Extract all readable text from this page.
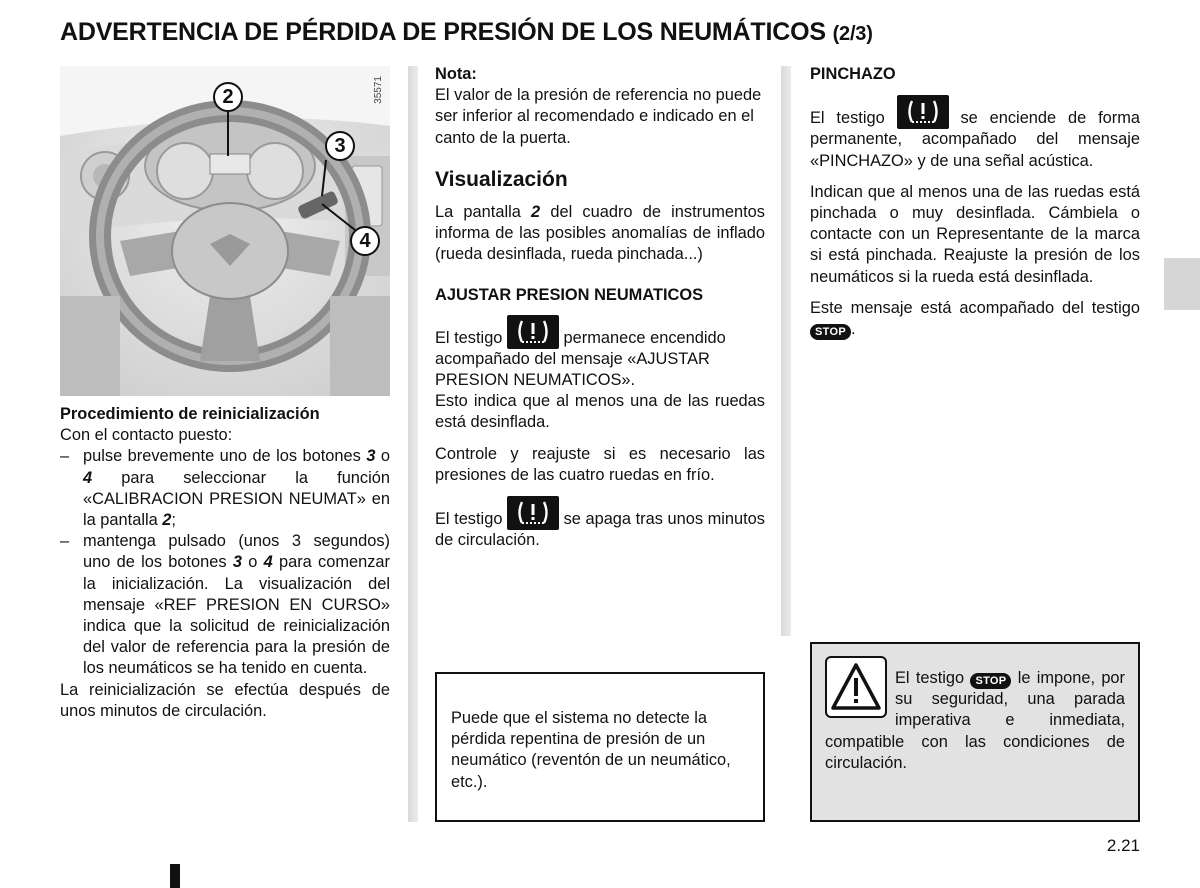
ADVERTENCIA DE PÉRDIDA DE PRESIÓN DE LOS NEUMÁTICOS (2/3)
2
3
4
35571

Procedimiento de reinicialización

Con el contacto puesto:

– pulse brevemente uno de los botones 3 o 4 para seleccionar la función «CALIBRACION PRESION NEUMAT» en la pantalla 2;
– mantenga pulsado (unos 3 segundos) uno de los botones 3 o 4 para comenzar la inicialización. La visualización del mensaje «REF PRESION EN CURSO» indica que la solicitud de reinicialización del valor de referencia para la presión de los neumáticos se ha tenido en cuenta.

La reinicialización se efectúa después de unos minutos de circulación.

Nota:

El valor de la presión de referencia no puede ser inferior al recomendado e indicado en el canto de la puerta.

Visualización

La pantalla 2 del cuadro de instrumentos informa de las posibles anomalías de inflado (rueda desinflada, rueda pinchada...)

AJUSTAR PRESION NEUMATICOS

El testigo	permanece encendido acompañado del mensaje «AJUSTAR PRESION NEUMATICOS».

Esto indica que al menos una de las ruedas está desinflada.

Controle y reajuste si es necesario las presiones de las cuatro ruedas en frío.

El testigo	se apaga tras unos minutos de circulación.

Puede que el sistema no detecte la pérdida repentina de presión de un neumático (reventón de un neumático, etc.).

PINCHAZO

El testigo	se enciende de forma permanente, acompañado del mensaje «PINCHAZO» y de una señal acústica.

Indican que al menos una de las ruedas está pinchada o muy desinflada. Cámbiela o contacte con un Representante de la marca si está pinchada. Reajuste la presión de los neumáticos si la rueda está desinflada.

Este mensaje está acompañado del testigo STOP .

El testigo STOP le impone, por su seguridad, una parada imperativa e inmediata, compatible con las condiciones de circulación.

2.21
